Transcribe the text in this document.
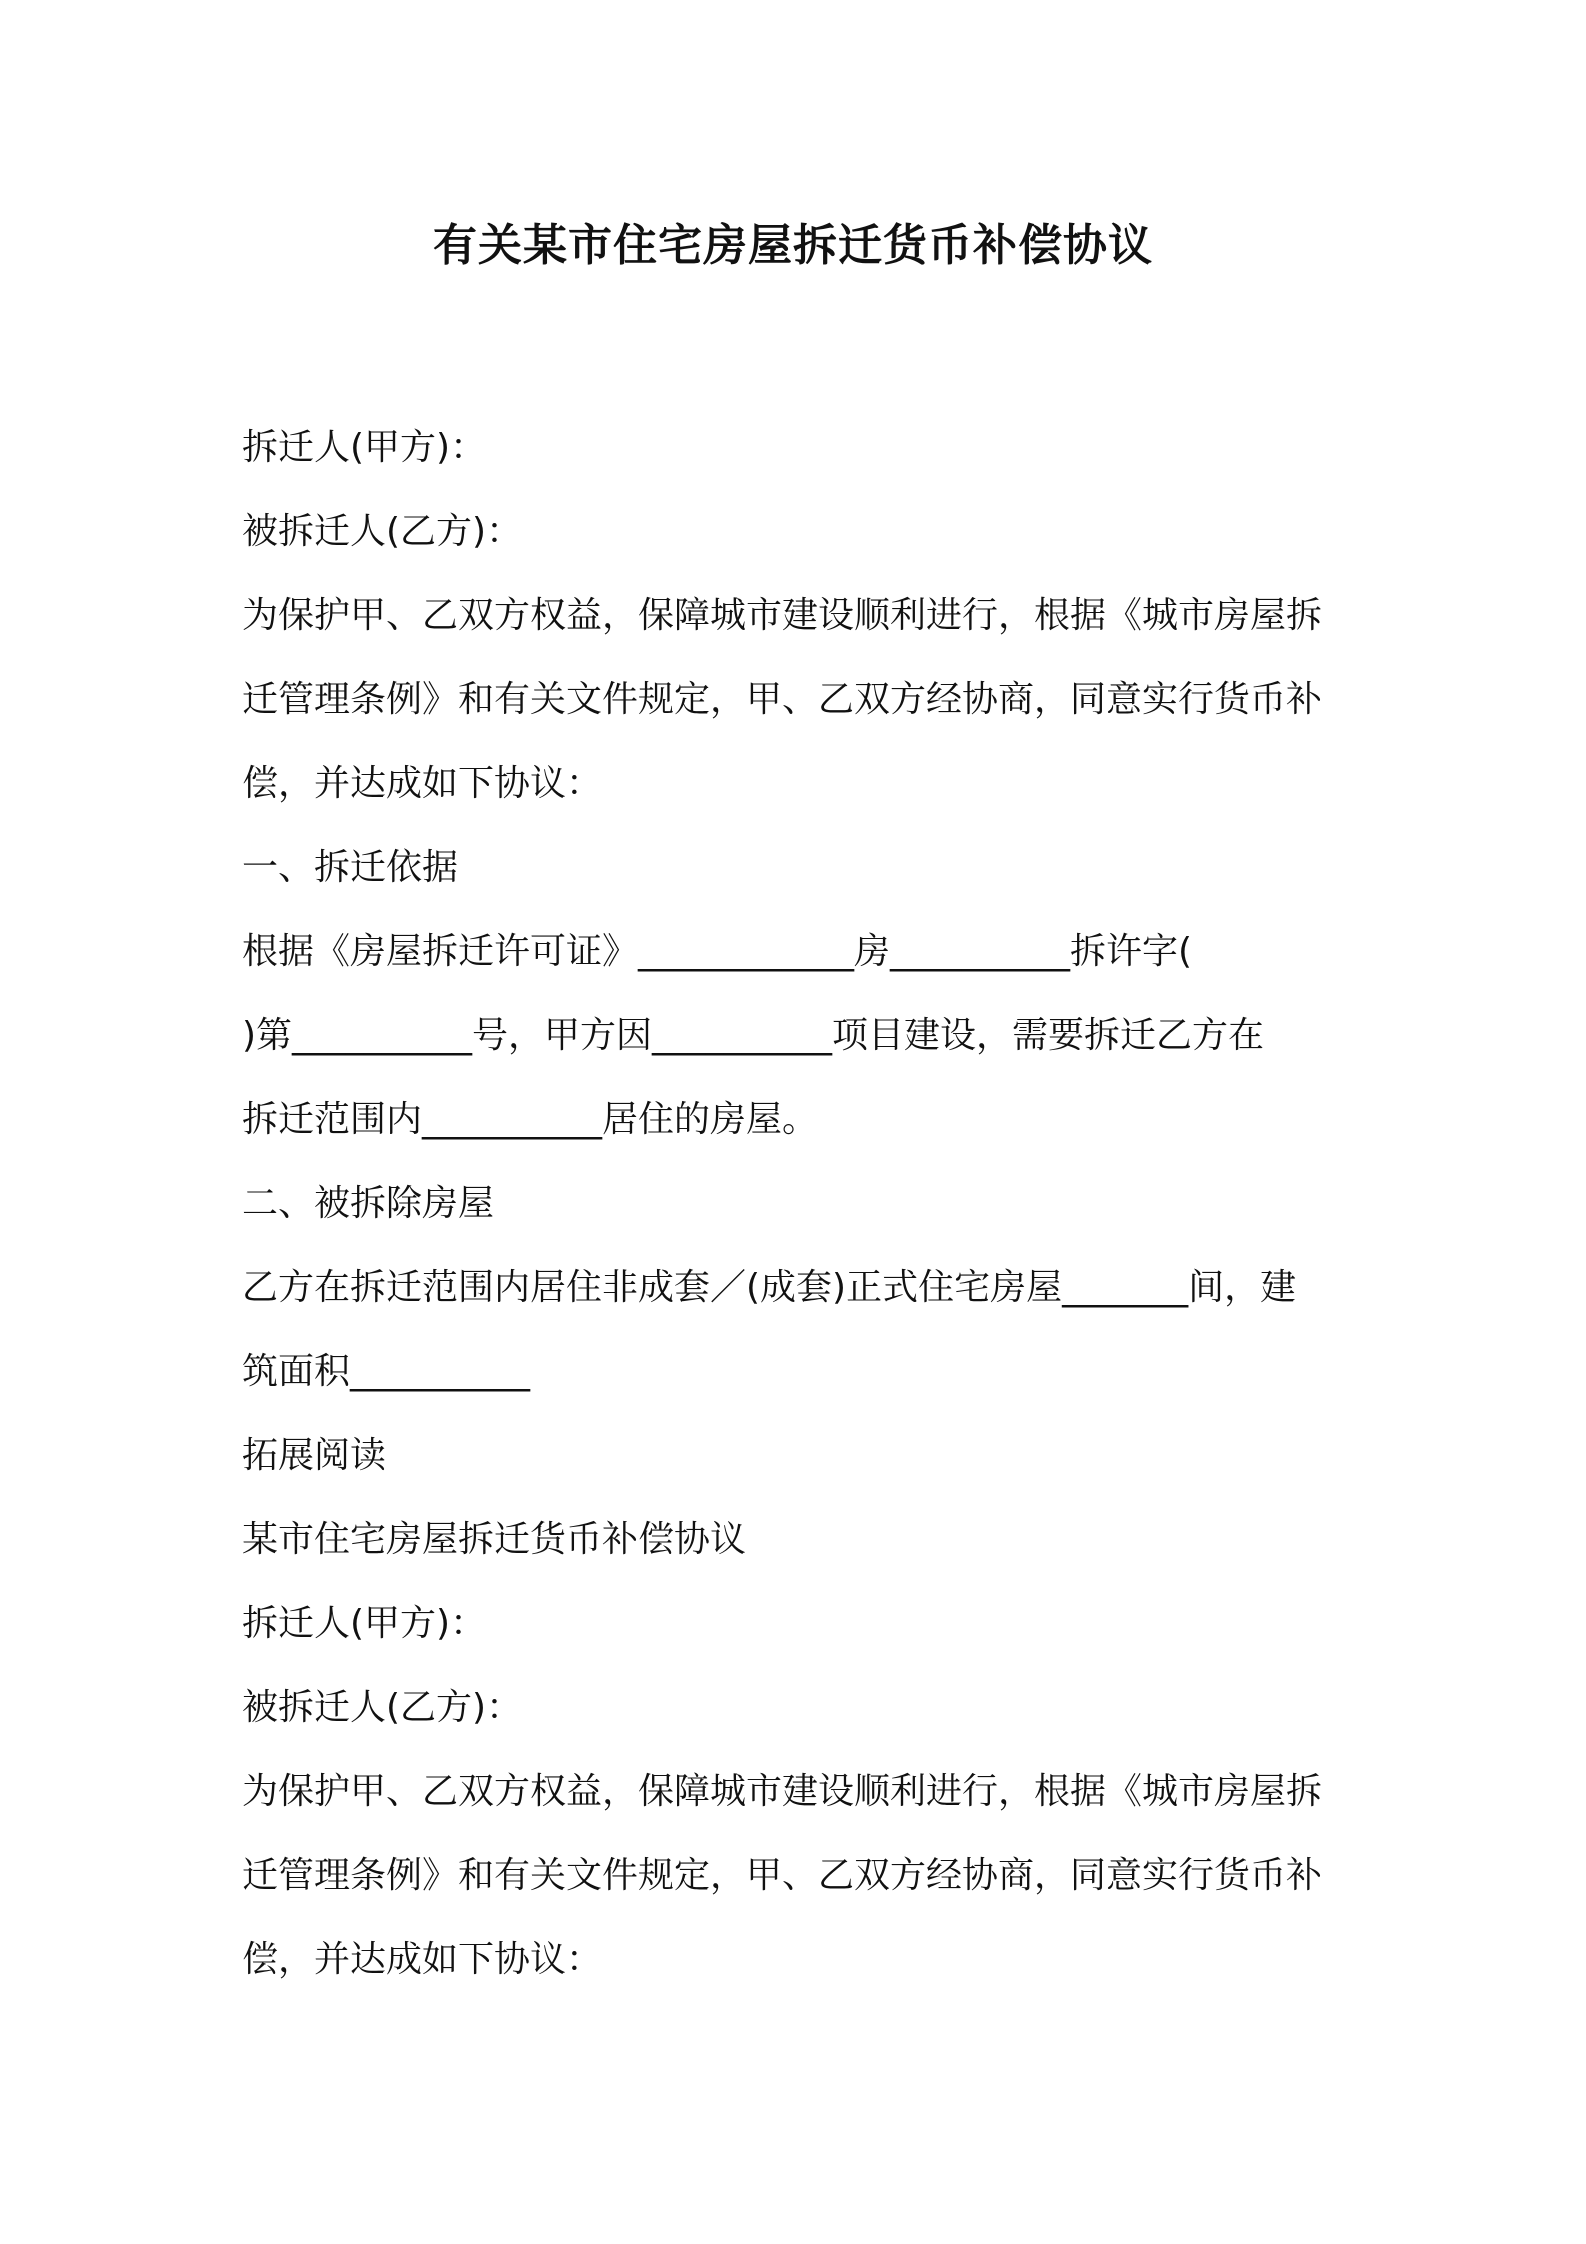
有关某市住宅房屋拆迁货币补偿协议
拆迁人(甲方)：
被拆迁人(乙方)：
为保护甲、乙双方权益，保障城市建设顺利进行，根据《城市房屋拆
迁管理条例》和有关文件规定，甲、乙双方经协商，同意实行货币补
偿，并达成如下协议：
一、拆迁依据
根据《房屋拆迁许可证》____________房__________拆许字(
)第__________号，甲方因__________项目建设，需要拆迁乙方在
拆迁范围内__________居住的房屋。
二、被拆除房屋
乙方在拆迁范围内居住非成套／(成套)正式住宅房屋_______间，建
筑面积__________
拓展阅读
某市住宅房屋拆迁货币补偿协议
拆迁人(甲方)：
被拆迁人(乙方)：
为保护甲、乙双方权益，保障城市建设顺利进行，根据《城市房屋拆
迁管理条例》和有关文件规定，甲、乙双方经协商，同意实行货币补
偿，并达成如下协议：
